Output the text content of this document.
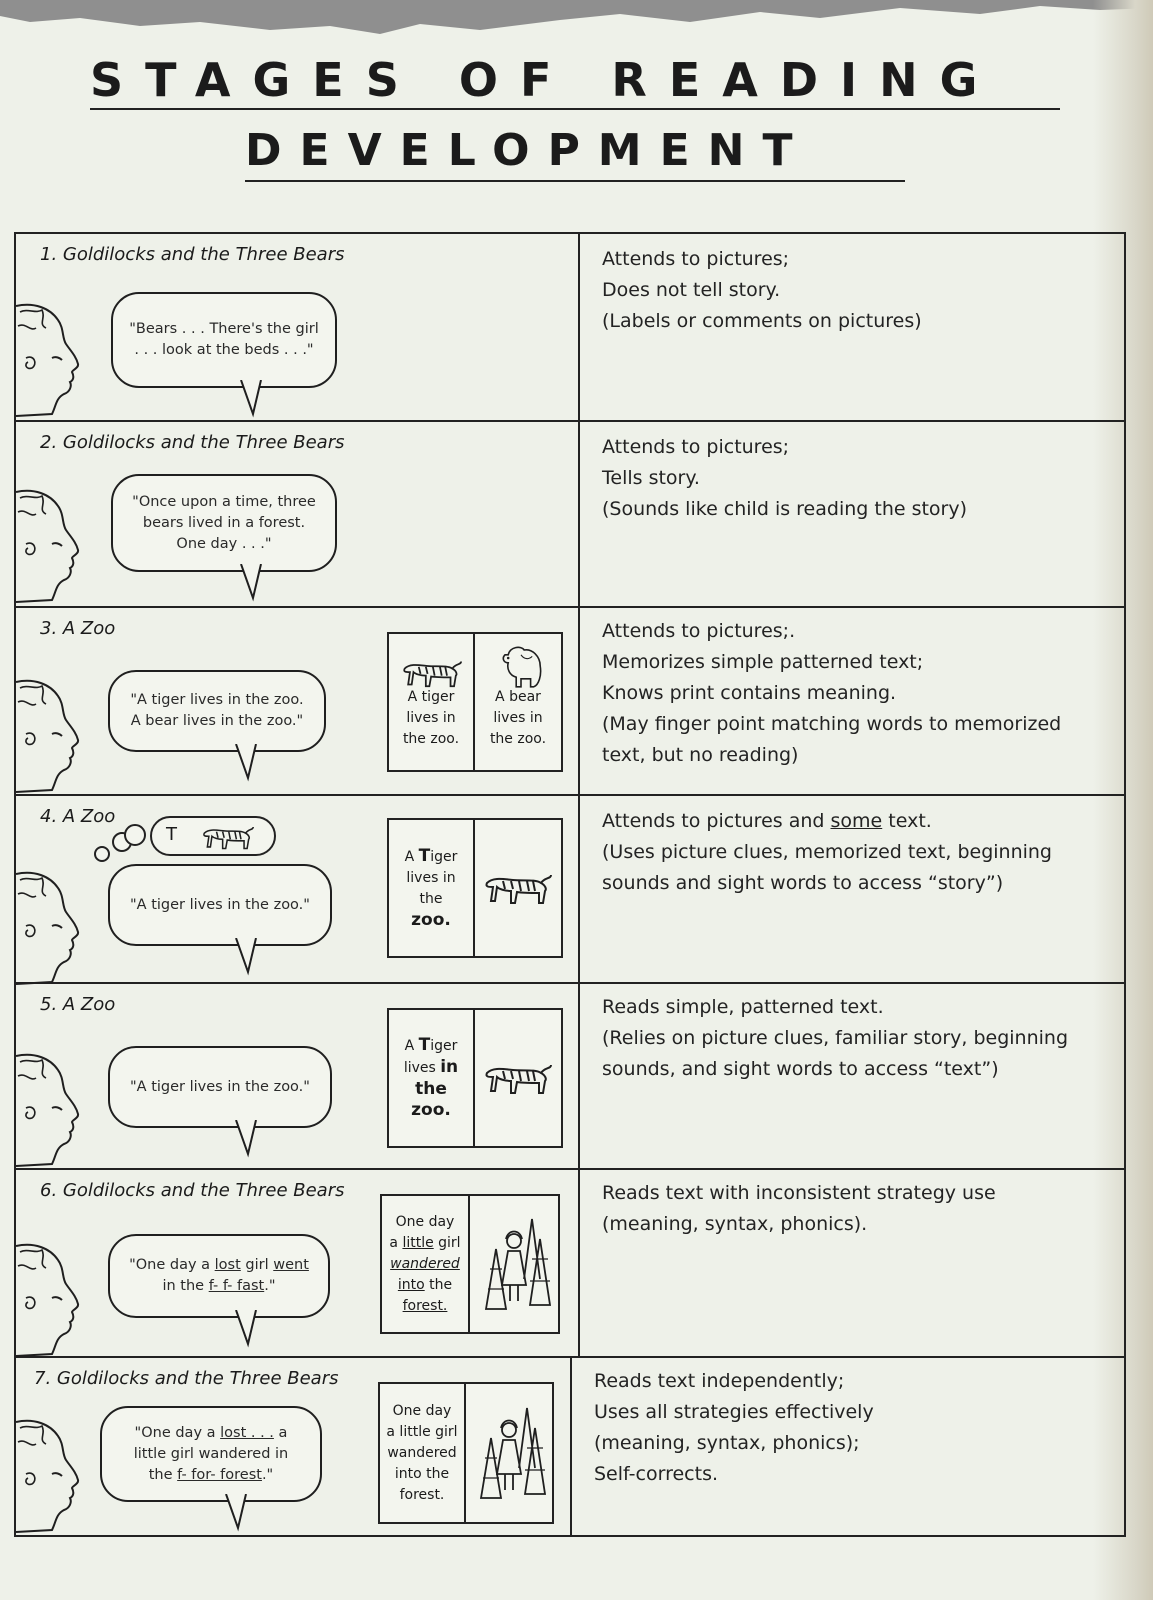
STAGES OF READING
DEVELOPMENT
1. Goldilocks and the Three Bears
"Bears . . . There's the girl
. . . look at the beds . . ."
Attends to pictures;
Does not tell story.
(Labels or comments on pictures)
2. Goldilocks and the Three Bears
"Once upon a time, three
bears lived in a forest.
One day . . ."
Attends to pictures;
Tells story.
(Sounds like child is reading the story)
3. A Zoo
"A tiger lives in the zoo.
A bear lives in the zoo."
A tiger
lives in
the zoo.
A bear
lives in
the zoo.
Attends to pictures;.
Memorizes simple patterned text;
Knows print contains meaning.
(May finger point matching words to memorized
text, but no reading)
4. A Zoo
T
"A tiger lives in the zoo."
A Tiger
lives in
the
zoo.
Attends to pictures and some text.
(Uses picture clues, memorized text, beginning
sounds and sight words to access “story”)
5. A Zoo
"A tiger lives in the zoo."
A Tiger
lives in
the
zoo.
Reads simple, patterned text.
(Relies on picture clues, familiar story, beginning
sounds, and sight words to access “text”)
6. Goldilocks and the Three Bears
"One day a lost girl went
in the f- f- fast."
One day
a little girl
wandered
into the
forest.
Reads text with inconsistent strategy use
(meaning, syntax, phonics).
7. Goldilocks and the Three Bears
"One day a lost . . . a
little girl wandered in
the f- for- forest."
One day
a little girl
wandered
into the
forest.
Reads text independently;
Uses all strategies effectively
(meaning, syntax, phonics);
Self-corrects.
